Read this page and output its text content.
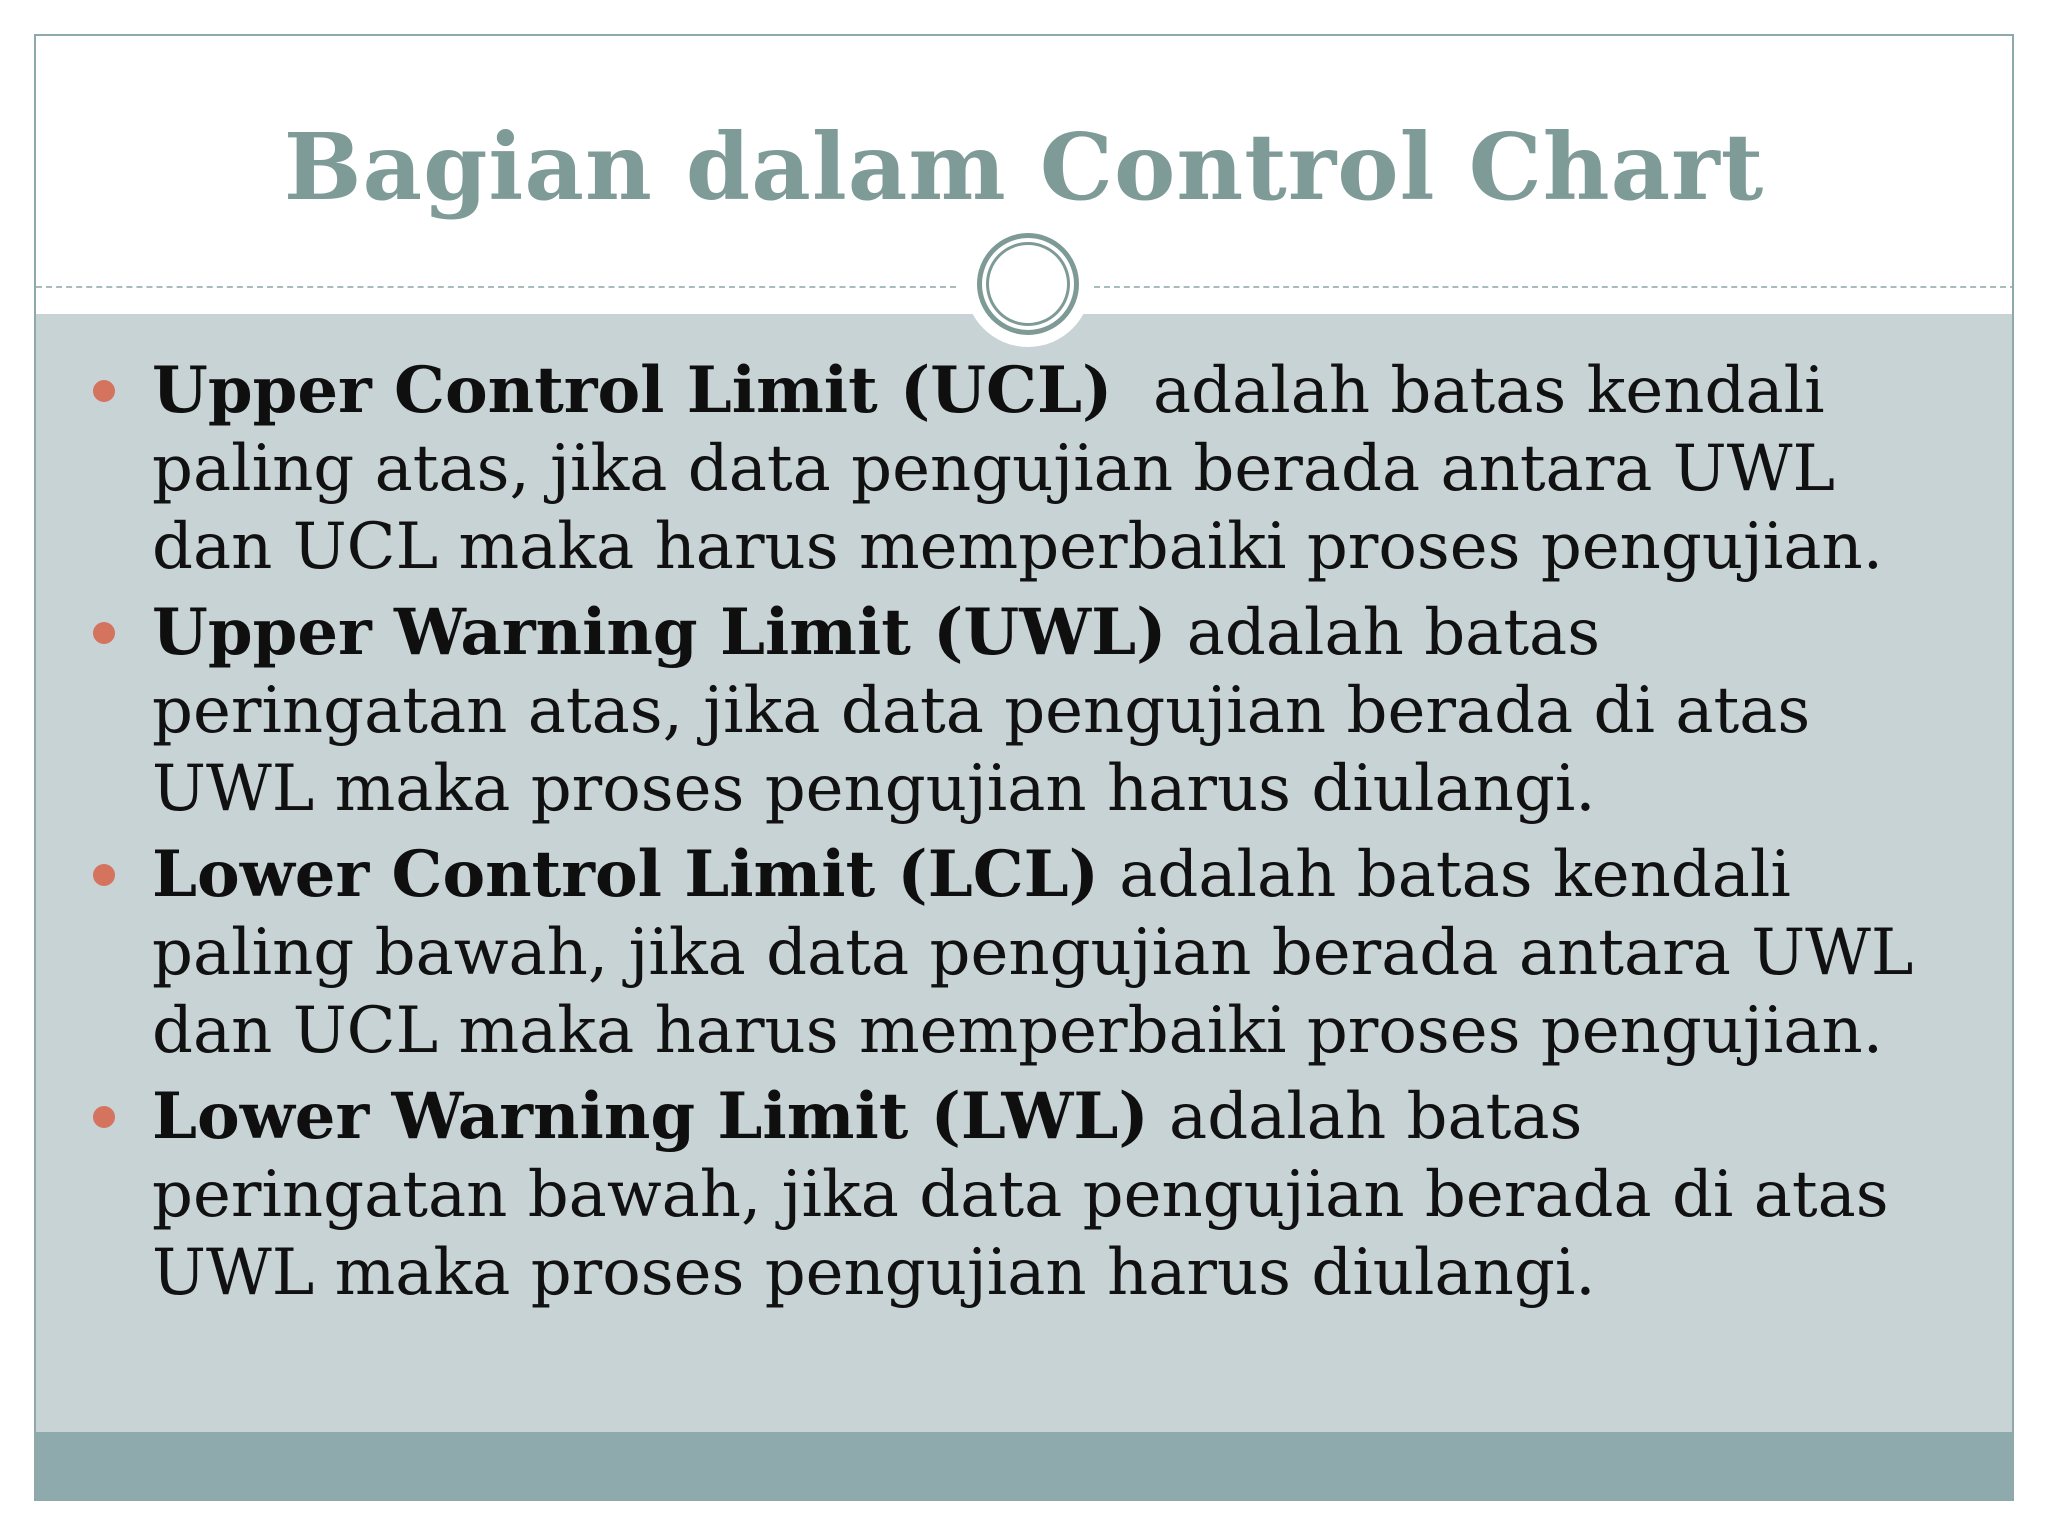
Bagian dalam Control Chart
Upper Control Limit (UCL)  adalah batas kendali paling atas, jika data pengujian berada antara UWL dan UCL maka harus memperbaiki proses pengujian.
Upper Warning Limit (UWL) adalah batas peringatan atas, jika data pengujian berada di atas UWL maka proses pengujian harus diulangi.
Lower Control Limit (LCL) adalah batas kendali paling bawah, jika data pengujian berada antara UWL dan UCL maka harus memperbaiki proses pengujian.
Lower Warning Limit (LWL) adalah batas peringatan bawah, jika data pengujian berada di atas UWL maka proses pengujian harus diulangi.
